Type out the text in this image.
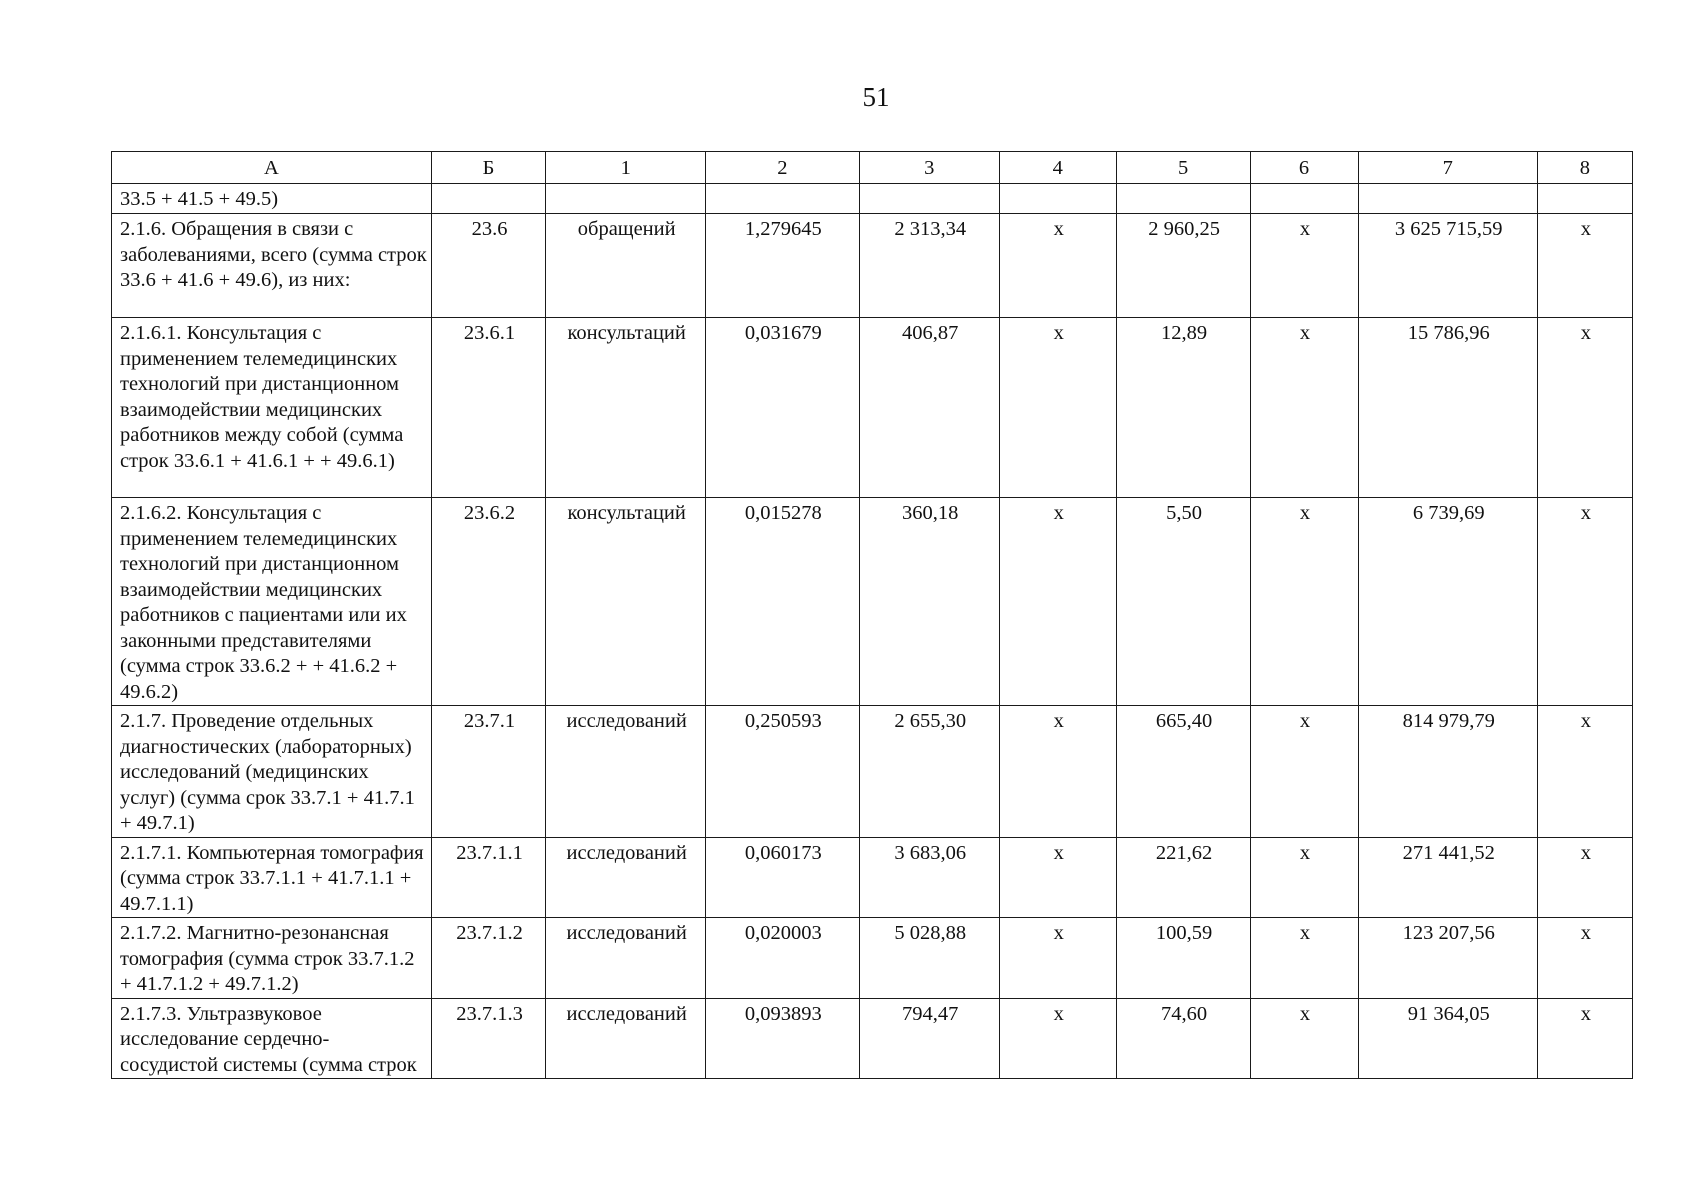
51
А	Б	1	2	3	4	5	6	7	8
33.5 + 41.5 + 49.5)									
2.1.6. Обращения в связи с заболеваниями, всего (сумма строк 33.6 + 41.6 + 49.6), из них:	23.6	обращений	1,279645	2 313,34	х	2 960,25	х	3 625 715,59	х
2.1.6.1. Консультация с применением телемедицинских технологий при дистанционном взаимодействии медицинских работников между собой (сумма строк 33.6.1 + 41.6.1 + + 49.6.1)	23.6.1	консультаций	0,031679	406,87	х	12,89	х	15 786,96	х
2.1.6.2. Консультация с применением телемедицинских технологий при дистанционном взаимодействии медицинских работников с пациентами или их законными представителями (сумма строк 33.6.2 + + 41.6.2 + 49.6.2)	23.6.2	консультаций	0,015278	360,18	х	5,50	х	6 739,69	х
2.1.7. Проведение отдельных диагностических (лабораторных) исследований (медицинских услуг) (сумма срок 33.7.1 + 41.7.1 + 49.7.1)	23.7.1	исследований	0,250593	2 655,30	х	665,40	х	814 979,79	х
2.1.7.1. Компьютерная томография (сумма строк 33.7.1.1 + 41.7.1.1 + 49.7.1.1)	23.7.1.1	исследований	0,060173	3 683,06	х	221,62	х	271 441,52	х
2.1.7.2. Магнитно-резонансная томография (сумма строк 33.7.1.2 + 41.7.1.2 + 49.7.1.2)	23.7.1.2	исследований	0,020003	5 028,88	х	100,59	х	123 207,56	х
2.1.7.3. Ультразвуковое исследование сердечно-сосудистой системы (сумма строк	23.7.1.3	исследований	0,093893	794,47	х	74,60	х	91 364,05	х
